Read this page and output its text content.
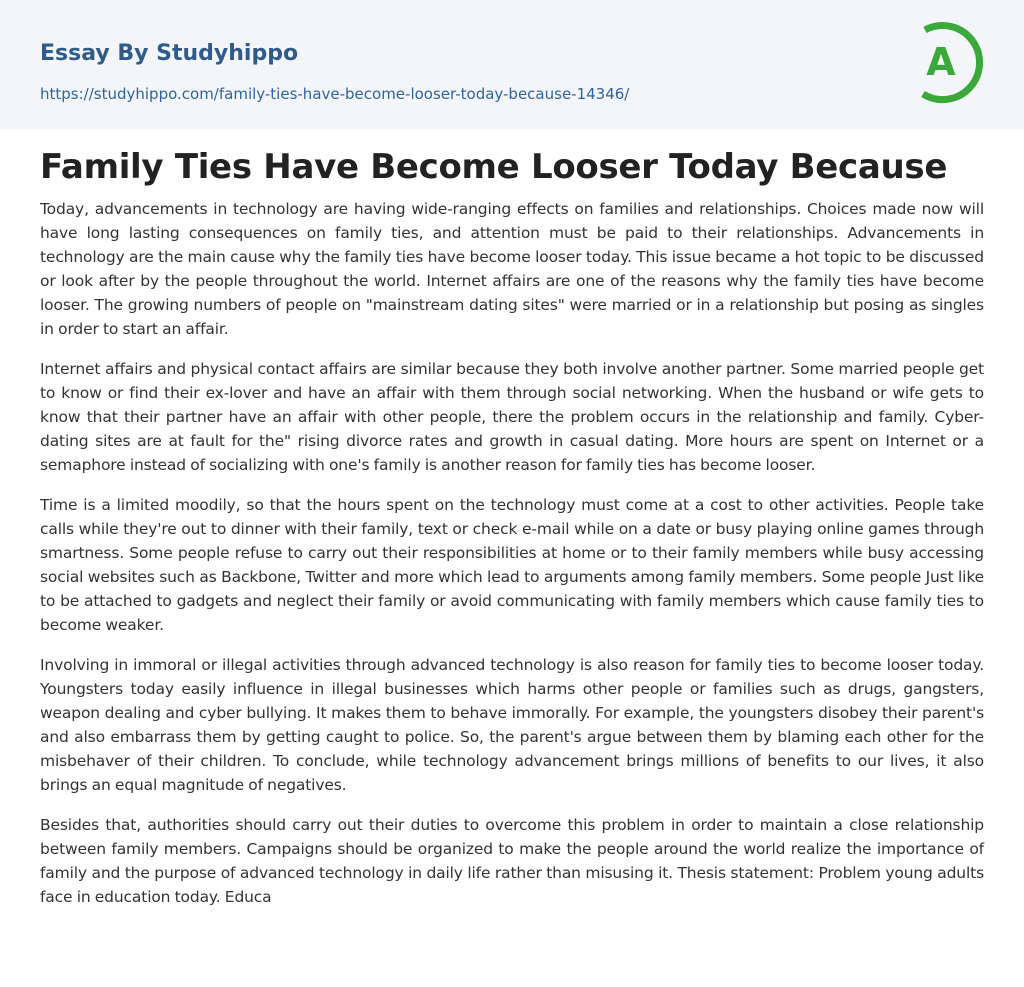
Essay By Studyhippo
https://studyhippo.com/family-ties-have-become-looser-today-because-14346/
A
Family Ties Have Become Looser Today Because

Today, advancements in technology are having wide-ranging effects on families and relationships. Choices made now will have long lasting consequences on family ties, and attention must be paid to their relationships. Advancements in technology are the main cause why the family ties have become looser today. This issue became a hot topic to be discussed or look after by the people throughout the world. Internet affairs are one of the reasons why the family ties have become looser. The growing numbers of people on "mainstream dating sites" were married or in a relationship but posing as singles in order to start an affair.

Internet affairs and physical contact affairs are similar because they both involve another partner. Some married people get to know or find their ex-lover and have an affair with them through social networking. When the husband or wife gets to know that their partner have an affair with other people, there the problem occurs in the relationship and family. Cyber- dating sites are at fault for the" rising divorce rates and growth in casual dating. More hours are spent on Internet or a semaphore instead of socializing with one's family is another reason for family ties has become looser.

Time is a limited moodily, so that the hours spent on the technology must come at a cost to other activities. People take calls while they're out to dinner with their family, text or check e-mail while on a date or busy playing online games through smartness. Some people refuse to carry out their responsibilities at home or to their family members while busy accessing social websites such as Backbone, Twitter and more which lead to arguments among family members. Some people Just like to be attached to gadgets and neglect their family or avoid communicating with family members which cause family ties to become weaker.

Involving in immoral or illegal activities through advanced technology is also reason for family ties to become looser today. Youngsters today easily influence in illegal businesses which harms other people or families such as drugs, gangsters, weapon dealing and cyber bullying. It makes them to behave immorally. For example, the youngsters disobey their parent's and also embarrass them by getting caught to police. So, the parent's argue between them by blaming each other for the misbehaver of their children. To conclude, while technology advancement brings millions of benefits to our lives, it also brings an equal magnitude of negatives.

Besides that, authorities should carry out their duties to overcome this problem in order to maintain a close relationship between family members. Campaigns should be organized to make the people around the world realize the importance of family and the purpose of advanced technology in daily life rather than misusing it. Thesis statement: Problem young adults face in education today. Educa
